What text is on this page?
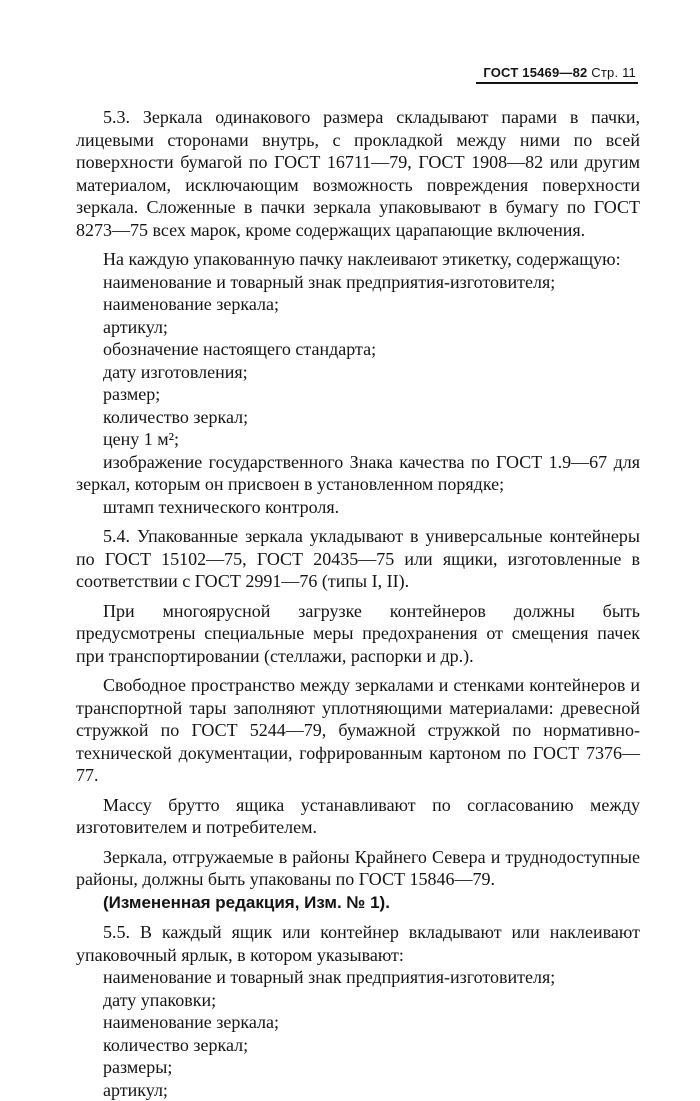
ГОСТ 15469—82 Стр. 11

5.3. Зеркала одинакового размера складывают парами в пачки, лицевыми сторонами внутрь, с прокладкой между ними по всей поверхности бумагой по ГОСТ 16711—79, ГОСТ 1908—82 или другим материалом, исключающим возможность повреждения поверхности зеркала. Сложенные в пачки зеркала упаковывают в бумагу по ГОСТ 8273—75 всех марок, кроме содержащих царапающие включения.

На каждую упакованную пачку наклеивают этикетку, содержащую:

наименование и товарный знак предприятия-изготовителя;

наименование зеркала;

артикул;

обозначение настоящего стандарта;

дату изготовления;

размер;

количество зеркал;

цену 1 м²;

изображение государственного Знака качества по ГОСТ 1.9—67 для зеркал, которым он присвоен в установленном порядке;

штамп технического контроля.

5.4. Упакованные зеркала укладывают в универсальные контейнеры по ГОСТ 15102—75, ГОСТ 20435—75 или ящики, изготовленные в соответствии с ГОСТ 2991—76 (типы I, II).

При многоярусной загрузке контейнеров должны быть предусмотрены специальные меры предохранения от смещения пачек при транспортировании (стеллажи, распорки и др.).

Свободное пространство между зеркалами и стенками контейнеров и транспортной тары заполняют уплотняющими материалами: древесной стружкой по ГОСТ 5244—79, бумажной стружкой по нормативно-технической документации, гофрированным картоном по ГОСТ 7376—77.

Массу брутто ящика устанавливают по согласованию между изготовителем и потребителем.

Зеркала, отгружаемые в районы Крайнего Севера и труднодоступные районы, должны быть упакованы по ГОСТ 15846—79.

(Измененная редакция, Изм. № 1).

5.5. В каждый ящик или контейнер вкладывают или наклеивают упаковочный ярлык, в котором указывают:

наименование и товарный знак предприятия-изготовителя;

дату упаковки;

наименование зеркала;

количество зеркал;

размеры;

артикул;
